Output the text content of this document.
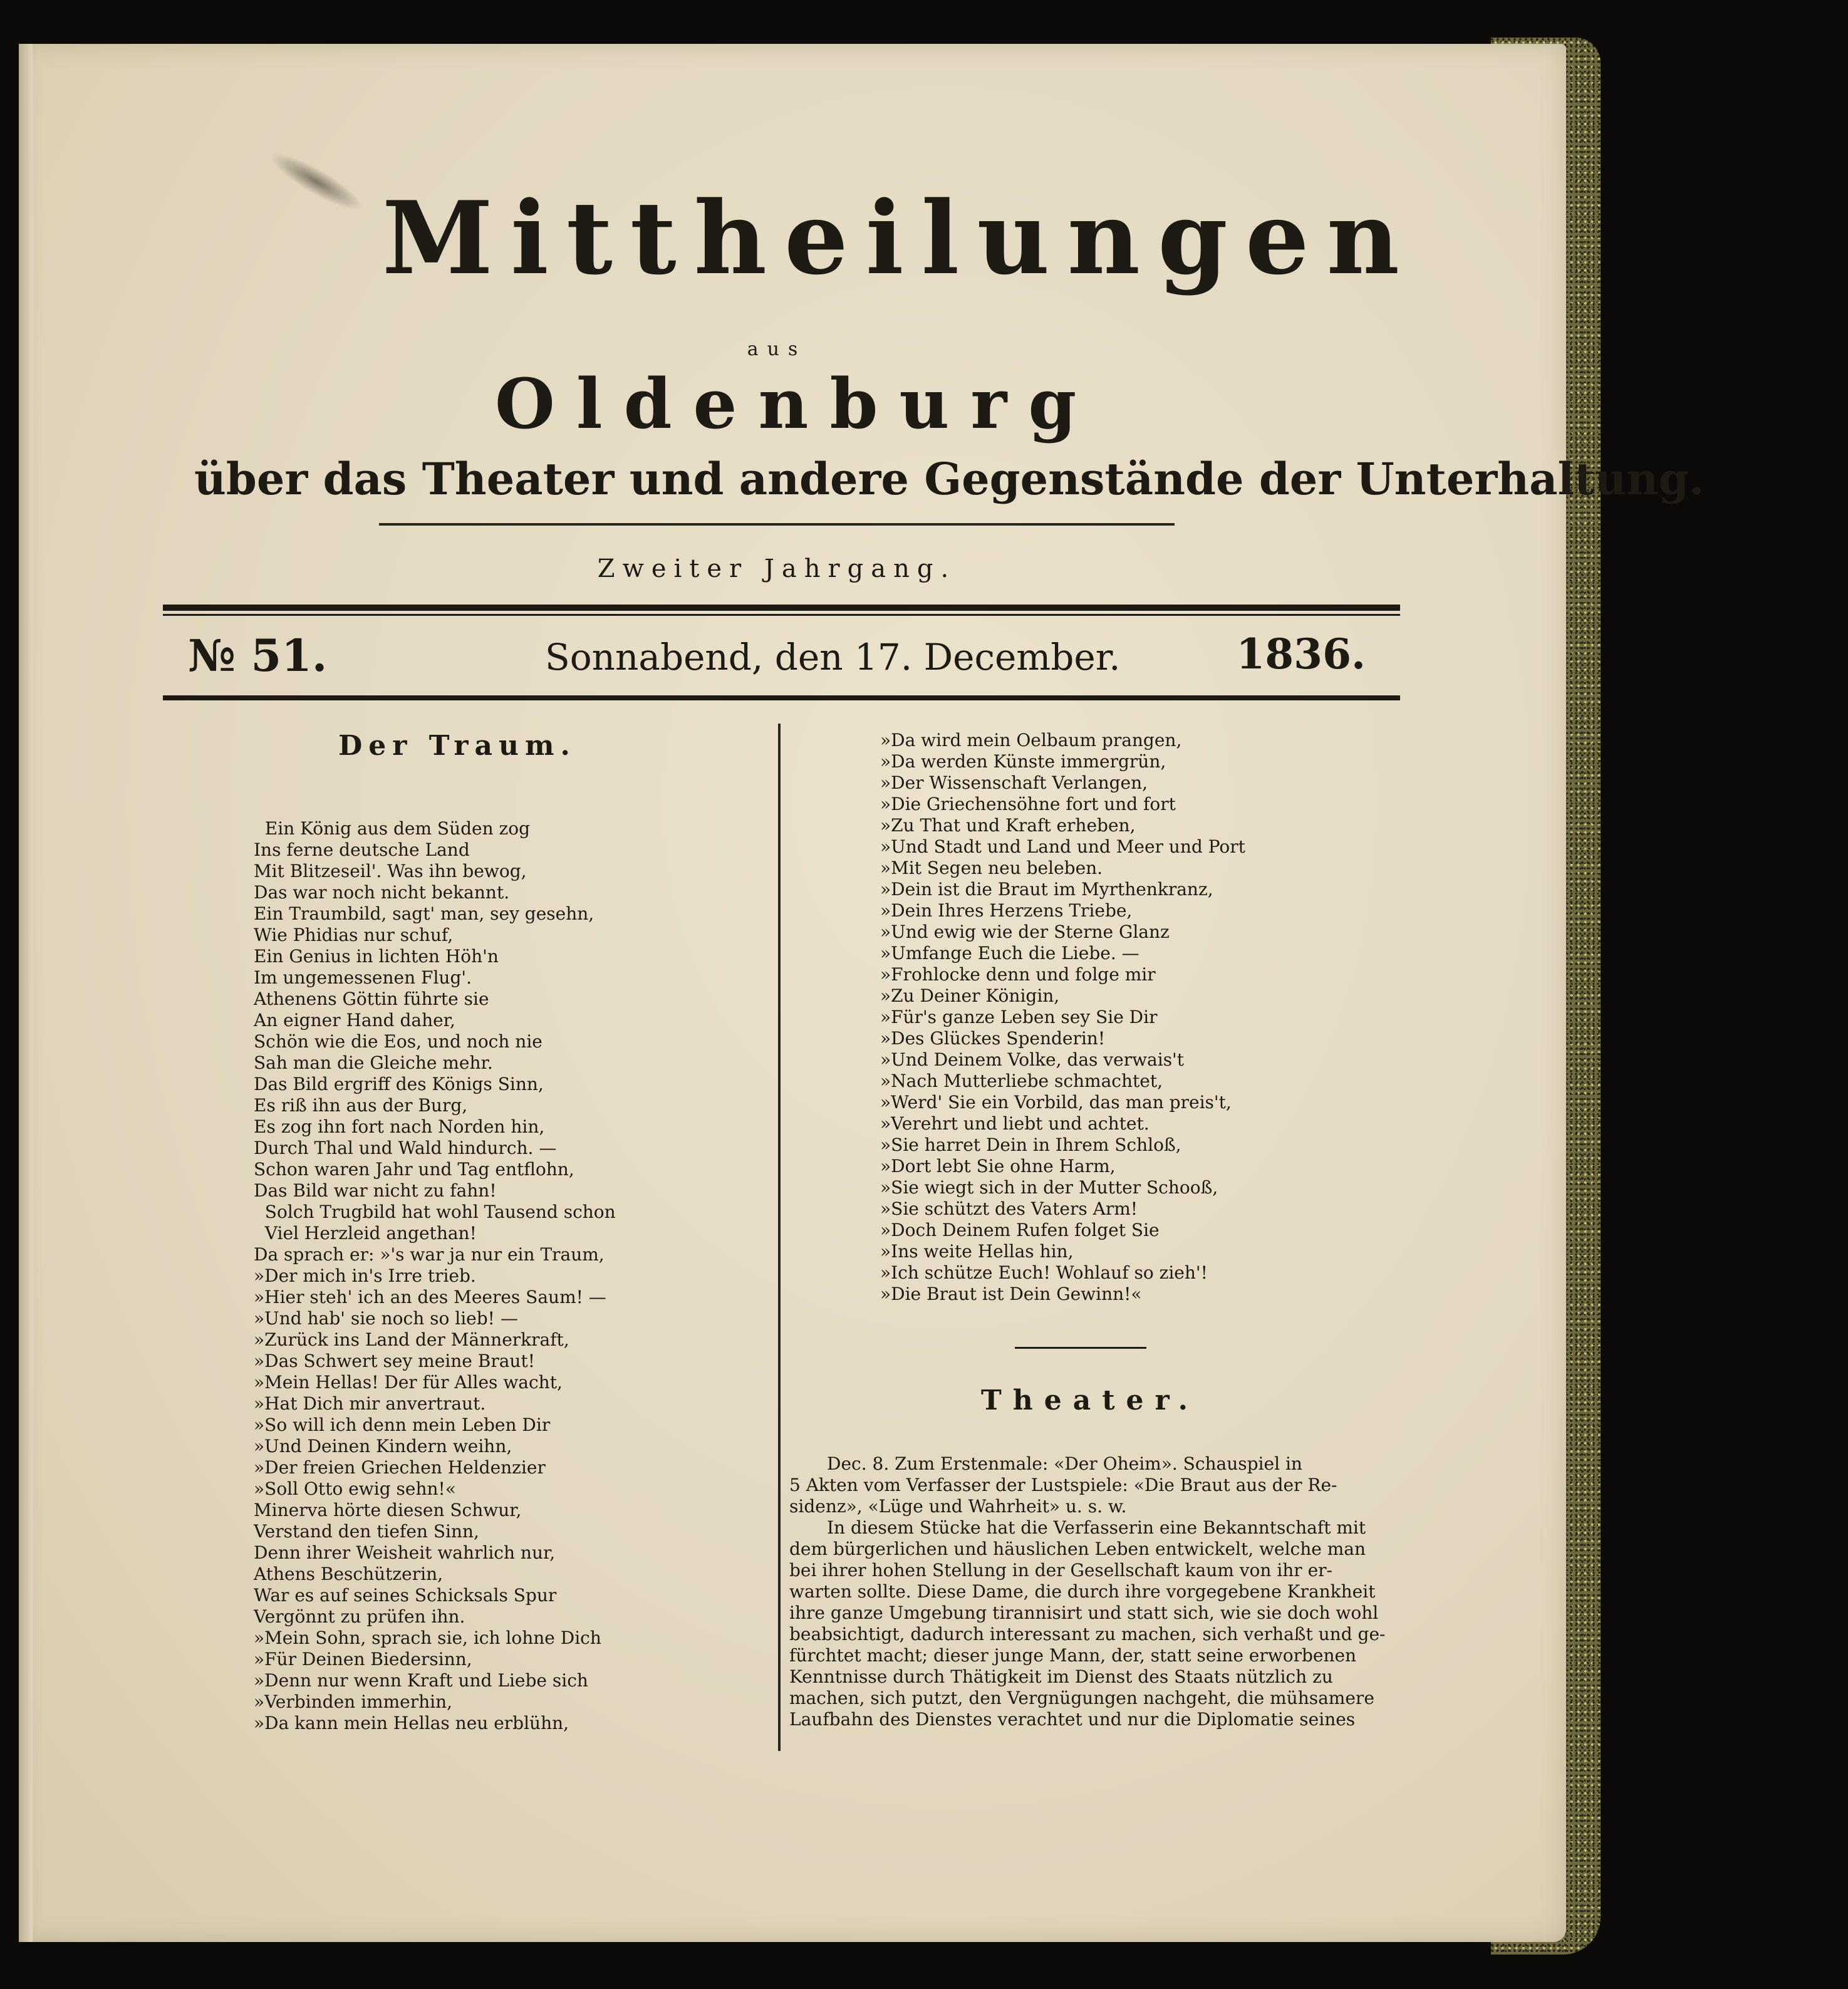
Mittheilungen
aus
Oldenburg
über das Theater und andere Gegenstände der Unterhaltung.
Zweiter Jahrgang.
№ 51.	Sonnabend, den 17. December.	1836.
Der Traum.
Ein König aus dem Süden zog
Ins ferne deutsche Land
Mit Blitzeseil'. Was ihn bewog,
Das war noch nicht bekannt.
Ein Traumbild, sagt' man, sey gesehn,
Wie Phidias nur schuf,
Ein Genius in lichten Höh'n
Im ungemessenen Flug'.
Athenens Göttin führte sie
An eigner Hand daher,
Schön wie die Eos, und noch nie
Sah man die Gleiche mehr.
Das Bild ergriff des Königs Sinn,
Es riß ihn aus der Burg,
Es zog ihn fort nach Norden hin,
Durch Thal und Wald hindurch. —
Schon waren Jahr und Tag entflohn,
Das Bild war nicht zu fahn!
Solch Trugbild hat wohl Tausend schon
Viel Herzleid angethan!
Da sprach er: »'s war ja nur ein Traum,
»Der mich in's Irre trieb.
»Hier steh' ich an des Meeres Saum! —
»Und hab' sie noch so lieb! —
»Zurück ins Land der Männerkraft,
»Das Schwert sey meine Braut!
»Mein Hellas! Der für Alles wacht,
»Hat Dich mir anvertraut.
»So will ich denn mein Leben Dir
»Und Deinen Kindern weihn,
»Der freien Griechen Heldenzier
»Soll Otto ewig sehn!«
Minerva hörte diesen Schwur,
Verstand den tiefen Sinn,
Denn ihrer Weisheit wahrlich nur,
Athens Beschützerin,
War es auf seines Schicksals Spur
Vergönnt zu prüfen ihn.
»Mein Sohn, sprach sie, ich lohne Dich
»Für Deinen Biedersinn,
»Denn nur wenn Kraft und Liebe sich
»Verbinden immerhin,
»Da kann mein Hellas neu erblühn,
»Da wird mein Oelbaum prangen,
»Da werden Künste immergrün,
»Der Wissenschaft Verlangen,
»Die Griechensöhne fort und fort
»Zu That und Kraft erheben,
»Und Stadt und Land und Meer und Port
»Mit Segen neu beleben.
»Dein ist die Braut im Myrthenkranz,
»Dein Ihres Herzens Triebe,
»Und ewig wie der Sterne Glanz
»Umfange Euch die Liebe. —
»Frohlocke denn und folge mir
»Zu Deiner Königin,
»Für's ganze Leben sey Sie Dir
»Des Glückes Spenderin!
»Und Deinem Volke, das verwais't
»Nach Mutterliebe schmachtet,
»Werd' Sie ein Vorbild, das man preis't,
»Verehrt und liebt und achtet.
»Sie harret Dein in Ihrem Schloß,
»Dort lebt Sie ohne Harm,
»Sie wiegt sich in der Mutter Schooß,
»Sie schützt des Vaters Arm!
»Doch Deinem Rufen folget Sie
»Ins weite Hellas hin,
»Ich schütze Euch! Wohlauf so zieh'!
»Die Braut ist Dein Gewinn!«
Theater.
Dec. 8. Zum Erstenmale: «Der Oheim». Schauspiel in
5 Akten vom Verfasser der Lustspiele: «Die Braut aus der Re-
sidenz», «Lüge und Wahrheit» u. s. w.
In diesem Stücke hat die Verfasserin eine Bekanntschaft mit
dem bürgerlichen und häuslichen Leben entwickelt, welche man
bei ihrer hohen Stellung in der Gesellschaft kaum von ihr er-
warten sollte. Diese Dame, die durch ihre vorgegebene Krankheit
ihre ganze Umgebung tirannisirt und statt sich, wie sie doch wohl
beabsichtigt, dadurch interessant zu machen, sich verhaßt und ge-
fürchtet macht; dieser junge Mann, der, statt seine erworbenen
Kenntnisse durch Thätigkeit im Dienst des Staats nützlich zu
machen, sich putzt, den Vergnügungen nachgeht, die mühsamere
Laufbahn des Dienstes verachtet und nur die Diplomatie seines
